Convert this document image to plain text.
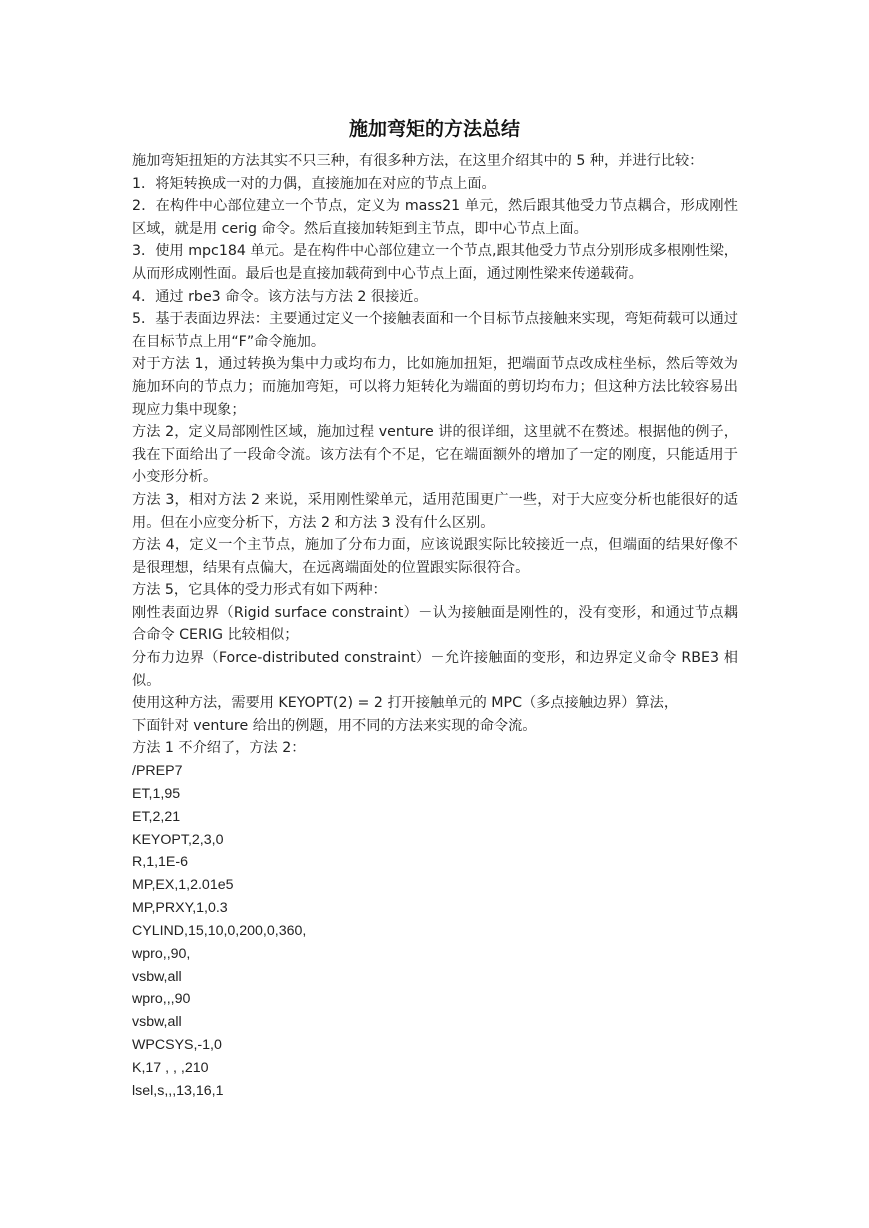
施加弯矩的方法总结

施加弯矩扭矩的方法其实不只三种，有很多种方法，在这里介绍其中的 5 种，并进行比较：

1．将矩转换成一对的力偶，直接施加在对应的节点上面。

2．在构件中心部位建立一个节点，定义为 mass21 单元，然后跟其他受力节点耦合，形成刚性区域，就是用 cerig 命令。然后直接加转矩到主节点，即中心节点上面。

3．使用 mpc184 单元。是在构件中心部位建立一个节点,跟其他受力节点分别形成多根刚性梁，从而形成刚性面。最后也是直接加载荷到中心节点上面，通过刚性梁来传递载荷。

4．通过 rbe3 命令。该方法与方法 2 很接近。

5．基于表面边界法：主要通过定义一个接触表面和一个目标节点接触来实现，弯矩荷载可以通过在目标节点上用“F”命令施加。

对于方法 1，通过转换为集中力或均布力，比如施加扭矩，把端面节点改成柱坐标，然后等效为施加环向的节点力；而施加弯矩，可以将力矩转化为端面的剪切均布力；但这种方法比较容易出现应力集中现象；

方法 2，定义局部刚性区域，施加过程 venture 讲的很详细，这里就不在赘述。根据他的例子，我在下面给出了一段命令流。该方法有个不足，它在端面额外的增加了一定的刚度，只能适用于小变形分析。

方法 3，相对方法 2 来说，采用刚性梁单元，适用范围更广一些，对于大应变分析也能很好的适用。但在小应变分析下，方法 2 和方法 3 没有什么区别。

方法 4，定义一个主节点，施加了分布力面，应该说跟实际比较接近一点，但端面的结果好像不是很理想，结果有点偏大，在远离端面处的位置跟实际很符合。

方法 5，它具体的受力形式有如下两种：

刚性表面边界（Rigid surface constraint）－认为接触面是刚性的，没有变形，和通过节点耦合命令 CERIG 比较相似；

分布力边界（Force-distributed constraint）－允许接触面的变形，和边界定义命令 RBE3 相似。

使用这种方法，需要用 KEYOPT(2) = 2 打开接触单元的 MPC（多点接触边界）算法，

下面针对 venture 给出的例题，用不同的方法来实现的命令流。

方法 1 不介绍了，方法 2：

/PREP7

ET,1,95

ET,2,21

KEYOPT,2,3,0

R,1,1E-6

MP,EX,1,2.01e5

MP,PRXY,1,0.3

CYLIND,15,10,0,200,0,360,

wpro,,90,

vsbw,all

wpro,,,90

vsbw,all

WPCSYS,-1,0

K,17 , , ,210

lsel,s,,,13,16,1
